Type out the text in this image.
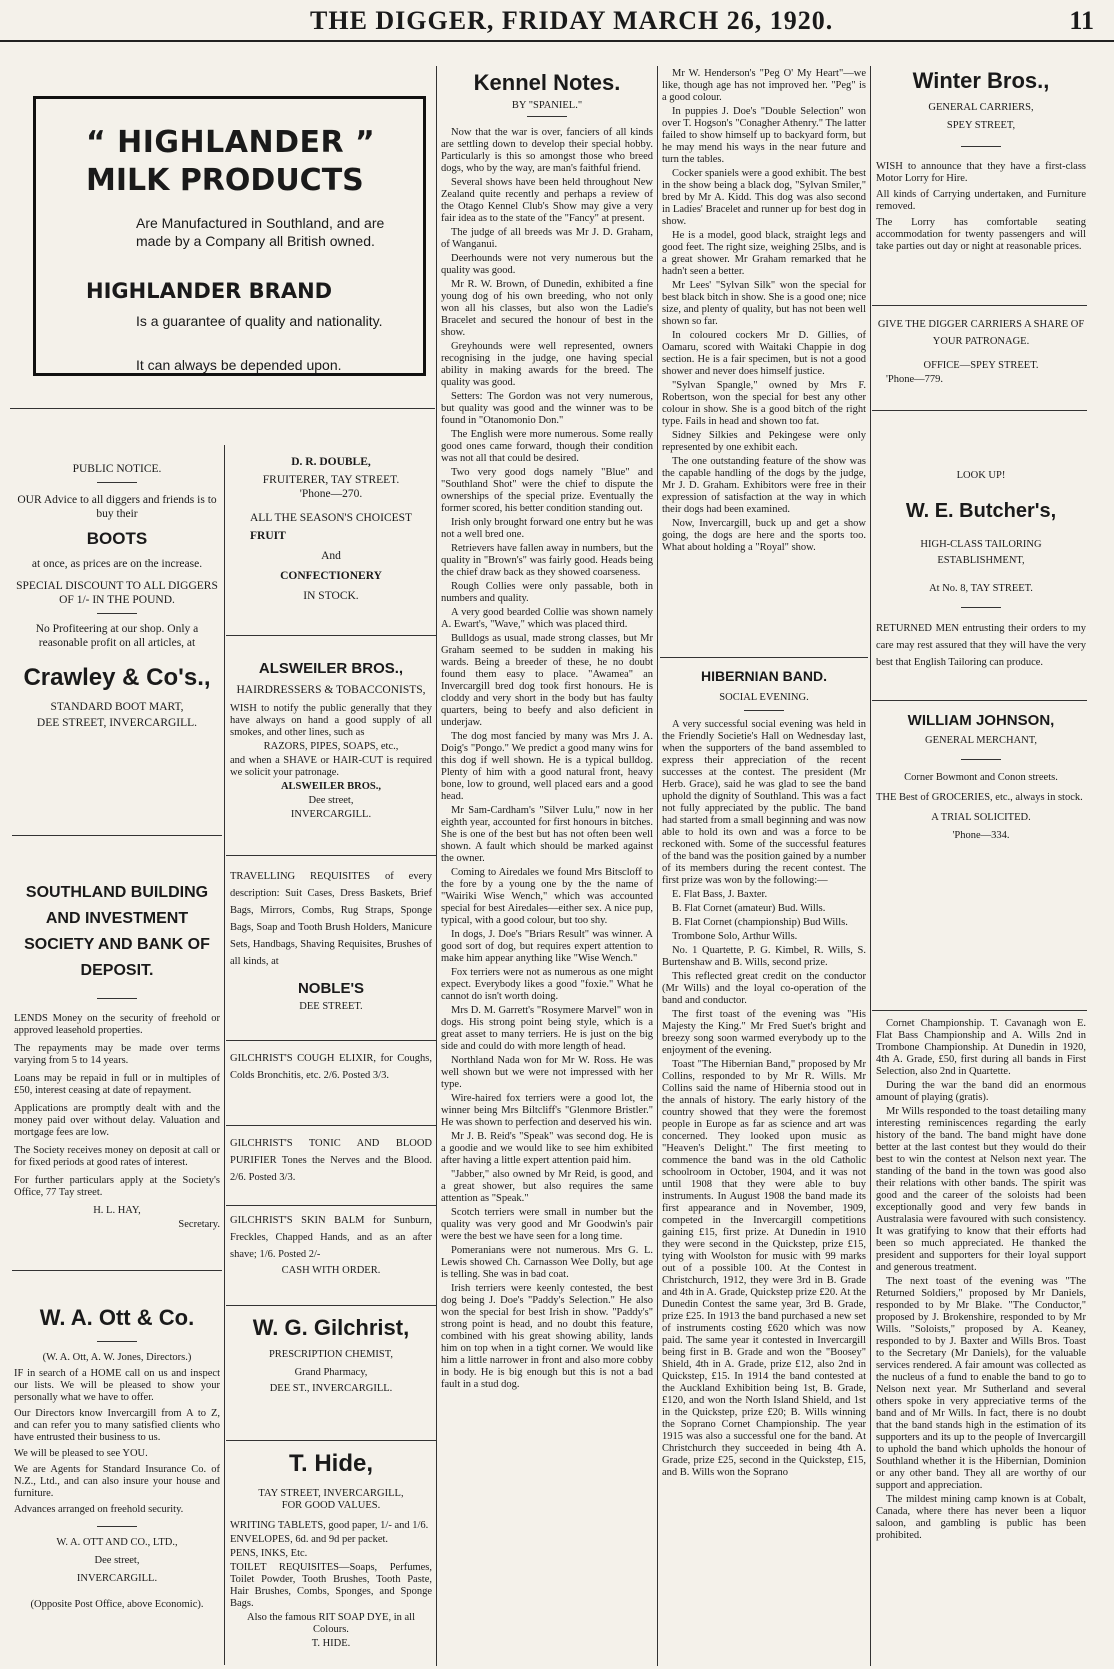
THE DIGGER, FRIDAY MARCH 26, 1920.	11
“ HIGHLANDER ”
MILK PRODUCTS
Are Manufactured in Southland, and are made by a Company all British owned.
HIGHLANDER BRAND
Is a guarantee of quality and nationality.
It can always be depended upon.
PUBLIC NOTICE.

OUR Advice to all diggers and friends is to buy their

BOOTS

at once, as prices are on the increase.

SPECIAL DISCOUNT TO ALL DIGGERS OF 1/- IN THE POUND.

No Profiteering at our shop. Only a reasonable profit on all articles, at

Crawley & Co's.,

STANDARD BOOT MART,

DEE STREET, INVERCARGILL.

SOUTHLAND BUILDING AND INVESTMENT SOCIETY AND BANK OF DEPOSIT.

LENDS Money on the security of freehold or approved leasehold properties.

The repayments may be made over terms varying from 5 to 14 years.

Loans may be repaid in full or in multiples of £50, interest ceasing at date of repayment.

Applications are promptly dealt with and the money paid over without delay. Valuation and mortgage fees are low.

The Society receives money on deposit at call or for fixed periods at good rates of interest.

For further particulars apply at the Society's Office, 77 Tay street.

H. L. HAY,

Secretary.

W. A. Ott & Co.

(W. A. Ott, A. W. Jones, Directors.)

IF in search of a HOME call on us and inspect our lists. We will be pleased to show your personally what we have to offer.

Our Directors know Invercargill from A to Z, and can refer you to many satisfied clients who have entrusted their business to us.

We will be pleased to see YOU.

We are Agents for Standard Insurance Co. of N.Z., Ltd., and can also insure your house and furniture.

Advances arranged on freehold security.

W. A. OTT AND CO., LTD.,

Dee street,

INVERCARGILL.

(Opposite Post Office, above Economic).

D. R. DOUBLE,
FRUITERER, TAY STREET.
'Phone—270.

ALL THE SEASON'S CHOICEST

FRUIT
And
CONFECTIONERY
IN STOCK.
ALSWEILER BROS.,
HAIRDRESSERS & TOBACCONISTS,

WISH to notify the public generally that they have always on hand a good supply of all smokes, and other lines, such as

RAZORS, PIPES, SOAPS, etc.,

and when a SHAVE or HAIR-CUT is required we solicit your patronage.

ALSWEILER BROS.,

Dee street,

INVERCARGILL.

TRAVELLING REQUISITES of every description: Suit Cases, Dress Baskets, Brief Bags, Mirrors, Combs, Rug Straps, Sponge Bags, Soap and Tooth Brush Holders, Manicure Sets, Handbags, Shaving Requisites, Brushes of all kinds, at

NOBLE'S
DEE STREET.

GILCHRIST'S COUGH ELIXIR, for Coughs, Colds Bronchitis, etc. 2/6. Posted 3/3.

GILCHRIST'S TONIC AND BLOOD PURIFIER Tones the Nerves and the Blood. 2/6. Posted 3/3.

GILCHRIST'S SKIN BALM for Sunburn, Freckles, Chapped Hands, and as an after shave; 1/6. Posted 2/-

CASH WITH ORDER.

W. G. Gilchrist,
PRESCRIPTION CHEMIST,
Grand Pharmacy,
DEE ST., INVERCARGILL.
T. Hide,
TAY STREET, INVERCARGILL,
FOR GOOD VALUES.

WRITING TABLETS, good paper, 1/- and 1/6.

ENVELOPES, 6d. and 9d per packet.

PENS, INKS, Etc.

TOILET REQUISITES—Soaps, Perfumes, Toilet Powder, Tooth Brushes, Tooth Paste, Hair Brushes, Combs, Sponges, and Sponge Bags.

Also the famous RIT SOAP DYE, in all Colours.

T. HIDE.

Kennel Notes.
BY "SPANIEL."

Now that the war is over, fanciers of all kinds are settling down to develop their special hobby. Particularly is this so amongst those who breed dogs, who by the way, are man's faithful friend.

Several shows have been held throughout New Zealand quite recently and perhaps a review of the Otago Kennel Club's Show may give a very fair idea as to the state of the "Fancy" at present.

The judge of all breeds was Mr J. D. Graham, of Wanganui.

Deerhounds were not very numerous but the quality was good.

Mr R. W. Brown, of Dunedin, exhibited a fine young dog of his own breeding, who not only won all his classes, but also won the Ladie's Bracelet and secured the honour of best in the show.

Greyhounds were well represented, owners recognising in the judge, one having special ability in making awards for the breed. The quality was good.

Setters: The Gordon was not very numerous, but quality was good and the winner was to be found in "Otanomonio Don."

The English were more numerous. Some really good ones came forward, though their condition was not all that could be desired.

Two very good dogs namely "Blue" and "Southland Shot" were the chief to dispute the ownerships of the special prize. Eventually the former scored, his better condition standing out.

Irish only brought forward one entry but he was not a well bred one.

Retrievers have fallen away in numbers, but the quality in "Brown's" was fairly good. Heads being the chief draw back as they showed coarseness.

Rough Collies were only passable, both in numbers and quality.

A very good bearded Collie was shown namely A. Ewart's, "Wave," which was placed third.

Bulldogs as usual, made strong classes, but Mr Graham seemed to be sudden in making his wards. Being a breeder of these, he no doubt found them easy to place. "Awamea" an Invercargill bred dog took first honours. He is cloddy and very short in the body but has faulty quarters, being to beefy and also deficient in underjaw.

The dog most fancied by many was Mrs J. A. Doig's "Pongo." We predict a good many wins for this dog if well shown. He is a typical bulldog. Plenty of him with a good natural front, heavy bone, low to ground, well placed ears and a good head.

Mr Sam-Cardham's "Silver Lulu," now in her eighth year, accounted for first honours in bitches. She is one of the best but has not often been well shown. A fault which should be marked against the owner.

Coming to Airedales we found Mrs Bitscloff to the fore by a young one by the the name of "Wairiki Wise Wench," which was accounted special for best Airedales—either sex. A nice pup, typical, with a good colour, but too shy.

In dogs, J. Doe's "Briars Result" was winner. A good sort of dog, but requires expert attention to make him appear anything like "Wise Wench."

Fox terriers were not as numerous as one might expect. Everybody likes a good "foxie." What he cannot do isn't worth doing.

Mrs D. M. Garrett's "Rosymere Marvel" won in dogs. His strong point being style, which is a great asset to many terriers. He is just on the big side and could do with more length of head.

Northland Nada won for Mr W. Ross. He was well shown but we were not impressed with her type.

Wire-haired fox terriers were a good lot, the winner being Mrs Biltcliff's "Glenmore Bristler." He was shown to perfection and deserved his win.

Mr J. B. Reid's "Speak" was second dog. He is a goodie and we would like to see him exhibited after having a little expert attention paid him.

"Jabber," also owned by Mr Reid, is good, and a great shower, but also requires the same attention as "Speak."

Scotch terriers were small in number but the quality was very good and Mr Goodwin's pair were the best we have seen for a long time.

Pomeranians were not numerous. Mrs G. L. Lewis showed Ch. Carnasson Wee Dolly, but age is telling. She was in bad coat.

Irish terriers were keenly contested, the best dog being J. Doe's "Paddy's Selection." He also won the special for best Irish in show. "Paddy's" strong point is head, and no doubt this feature, combined with his great showing ability, lands him on top when in a tight corner. We would like him a little narrower in front and also more cobby in body. He is big enough but this is not a bad fault in a stud dog.

Mr W. Henderson's "Peg O' My Heart"—we like, though age has not improved her. "Peg" is a good colour.

In puppies J. Doe's "Double Selection" won over T. Hogson's "Conagher Athenry." The latter failed to show himself up to backyard form, but he may mend his ways in the near future and turn the tables.

Cocker spaniels were a good exhibit. The best in the show being a black dog, "Sylvan Smiler," bred by Mr A. Kidd. This dog was also second in Ladies' Bracelet and runner up for best dog in show.

He is a model, good black, straight legs and good feet. The right size, weighing 25lbs, and is a great shower. Mr Graham remarked that he hadn't seen a better.

Mr Lees' "Sylvan Silk" won the special for best black bitch in show. She is a good one; nice size, and plenty of quality, but has not been well shown so far.

In coloured cockers Mr D. Gillies, of Oamaru, scored with Waitaki Chappie in dog section. He is a fair specimen, but is not a good shower and never does himself justice.

"Sylvan Spangle," owned by Mrs F. Robertson, won the special for best any other colour in show. She is a good bitch of the right type. Fails in head and shown too fat.

Sidney Silkies and Pekingese were only represented by one exhibit each.

The one outstanding feature of the show was the capable handling of the dogs by the judge, Mr J. D. Graham. Exhibitors were free in their expression of satisfaction at the way in which their dogs had been examined.

Now, Invercargill, buck up and get a show going, the dogs are here and the sports too. What about holding a "Royal" show.

HIBERNIAN BAND.
SOCIAL EVENING.

A very successful social evening was held in the Friendly Societie's Hall on Wednesday last, when the supporters of the band assembled to express their appreciation of the recent successes at the contest. The president (Mr Herb. Grace), said he was glad to see the band uphold the dignity of Southland. This was a fact not fully appreciated by the public. The band had started from a small beginning and was now able to hold its own and was a force to be reckoned with. Some of the successful features of the band was the position gained by a number of its members during the recent contest. The first prize was won by the following:—

E. Flat Bass, J. Baxter.

B. Flat Cornet (amateur) Bud. Wills.

B. Flat Cornet (championship) Bud Wills.

Trombone Solo, Arthur Wills.

No. 1 Quartette, P. G. Kimbel, R. Wills, S. Burtenshaw and B. Wills, second prize.

This reflected great credit on the conductor (Mr Wills) and the loyal co-operation of the band and conductor.

The first toast of the evening was "His Majesty the King." Mr Fred Suet's bright and breezy song soon warmed everybody up to the enjoyment of the evening.

Toast "The Hibernian Band," proposed by Mr Collins, responded to by Mr R. Wills. Mr Collins said the name of Hibernia stood out in the annals of history. The early history of the country showed that they were the foremost people in Europe as far as science and art was concerned. They looked upon music as "Heaven's Delight." The first meeting to commence the band was in the old Catholic schoolroom in October, 1904, and it was not until 1908 that they were able to buy instruments. In August 1908 the band made its first appearance and in November, 1909, competed in the Invercargill competitions gaining £15, first prize. At Dunedin in 1910 they were second in the Quickstep, prize £15, tying with Woolston for music with 99 marks out of a possible 100. At the Contest in Christchurch, 1912, they were 3rd in B. Grade and 4th in A. Grade, Quickstep prize £20. At the Dunedin Contest the same year, 3rd B. Grade, prize £25. In 1913 the band purchased a new set of instruments costing £620 which was now paid. The same year it contested in Invercargill being first in B. Grade and won the "Boosey" Shield, 4th in A. Grade, prize £12, also 2nd in Quickstep, £15. In 1914 the band contested at the Auckland Exhibition being 1st, B. Grade, £120, and won the North Island Shield, and 1st in the Quickstep, prize £20; B. Wills winning the Soprano Cornet Championship. The year 1915 was also a successful one for the band. At Christchurch they succeeded in being 4th A. Grade, prize £25, second in the Quickstep, £15, and B. Wills won the Soprano

Winter Bros.,
GENERAL CARRIERS,
SPEY STREET,

WISH to announce that they have a first-class Motor Lorry for Hire.

All kinds of Carrying undertaken, and Furniture removed.

The Lorry has comfortable seating accommodation for twenty passengers and will take parties out day or night at reasonable prices.

GIVE THE DIGGER CARRIERS A SHARE OF YOUR PATRONAGE.

OFFICE—SPEY STREET.

'Phone—779.

LOOK UP!
W. E. Butcher's,
HIGH-CLASS TAILORING ESTABLISHMENT,
At No. 8, TAY STREET.

RETURNED MEN entrusting their orders to my care may rest assured that they will have the very best that English Tailoring can produce.

WILLIAM JOHNSON,
GENERAL MERCHANT,

Corner Bowmont and Conon streets.

THE Best of GROCERIES, etc., always in stock.

A TRIAL SOLICITED.

'Phone—334.

Cornet Championship. T. Cavanagh won E. Flat Bass Championship and A. Wills 2nd in Trombone Championship. At Dunedin in 1920, 4th A. Grade, £50, first during all bands in First Selection, also 2nd in Quartette.

During the war the band did an enormous amount of playing (gratis).

Mr Wills responded to the toast detailing many interesting reminiscences regarding the early history of the band. The band might have done better at the last contest but they would do their best to win the contest at Nelson next year. The standing of the band in the town was good also their relations with other bands. The spirit was good and the career of the soloists had been exceptionally good and very few bands in Australasia were favoured with such consistency. It was gratifying to know that their efforts had been so much appreciated. He thanked the president and supporters for their loyal support and generous treatment.

The next toast of the evening was "The Returned Soldiers," proposed by Mr Daniels, responded to by Mr Blake. "The Conductor," proposed by J. Brokenshire, responded to by Mr Wills. "Soloists," proposed by A. Keaney, responded to by J. Baxter and Wills Bros. Toast to the Secretary (Mr Daniels), for the valuable services rendered. A fair amount was collected as the nucleus of a fund to enable the band to go to Nelson next year. Mr Sutherland and several others spoke in very appreciative terms of the band and of Mr Wills. In fact, there is no doubt that the band stands high in the estimation of its supporters and its up to the people of Invercargill to uphold the band which upholds the honour of Southland whether it is the Hibernian, Dominion or any other band. They all are worthy of our support and appreciation.

The mildest mining camp known is at Cobalt, Canada, where there has never been a liquor saloon, and gambling is public has been prohibited.
